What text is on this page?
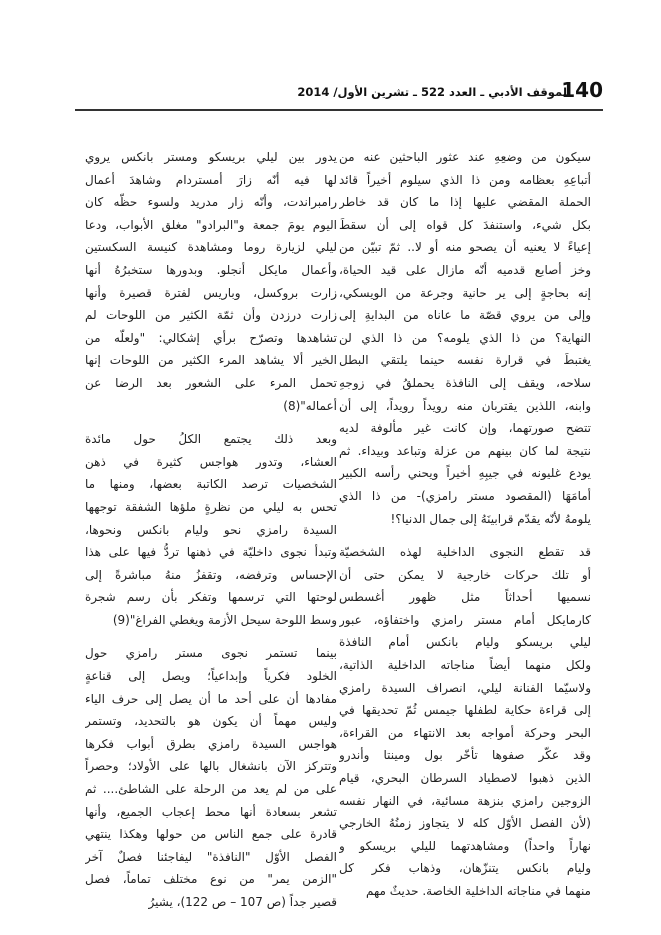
140
الموقف الأدبي ـ العدد 522 ـ تشرين الأول/ 2014
سيكون من وضعِهِ عند عثور الباحثين عنه من
أتباعِهِ بعظامه ومن ذا الذي سيلوم أخيراً قائد
الحملة المقضي عليها إذا ما كان قد خاطر
بكل شيء، واستنفدَ كل قواه إلى أن سقطَ
إعياءً لا يعنيه أن يصحو منه أو لا.. ثمّ تبيّن من
وخز أصابع قدميه أنّه مازال على قيد الحياة،
إنه بحاجةٍ إلى ير حانية وجرعة من الويسكي،
وإلى من يروي قصّة ما عاناه من البدايةِ إلى
النهاية؟ من ذا الذي يلومه؟ من ذا الذي لن
يغتبطَ في قرارة نفسه حينما يلتقي البطل
سلاحه، ويقف إلى النافذة يحملقُ في زوجهِ
وابنه، اللذين يقتربان منه رويداً رويداً، إلى أن
تتضح صورتهما، وإن كانت غير مألوفة لديه
نتيجة لما كان بينهم من عزلة وتباعد وبيداء. ثم
يودع غليونه في جيبِهِ أخيراً ويحني رأسه الكبير
أمامَهَا (المقصود مستر رامزي)- من ذا الذي
يلومهُ لأنّه يقدّم قرابينَهُ إلى جمال الدنيا؟!
قد تقطع النجوى الداخلية لهذه الشخصيّة
أو تلك حركات خارجية لا يمكن حتى أن
نسميها أحداثاً مثل ظهور أغسطس
كارمايكل أمام مستر رامزي واختفاؤه، عبور
ليلي بريسكو وليام بانكس أمام النافذة
ولكل منهما أيضاً مناجاته الداخلية الذاتية،
ولاسيّما الفنانة ليلي، انصراف السيدة رامزي
إلى قراءة حكاية لطفلها جيمس ثُمّ تحديقها في
البحر وحركة أمواجه بعد الانتهاء من القراءة،
وقد عكّر صفوها تأخّر بول ومينتا وأندرو
الذين ذهبوا لاصطياد السرطان البحري، قيام
الزوجين رامزي بنزهة مسائية، في النهار نفسه
(لأن الفصل الأوّل كله لا يتجاوز زمنُهُ الخارجي
نهاراً واحداً) ومشاهدتهما لليلي بريسكو و
وليام بانكس يتنزّهان، وذهاب فكر كل
منهما في مناجاته الداخلية الخاصة. حديثٌ مهم
يدور بين ليلي بريسكو ومستر بانكس يروي
لها فيه أنّه زارَ أمستردام وشاهدَ أعمال
رامبراندت، وأنّه زار مدريد ولسوء حظّه كان
اليوم يومَ جمعة و"البرادو" مغلق الأبواب، ودعا
ليلي لزيارة روما ومشاهدة كنيسة السكستين
وأعمال مايكل أنجلو. وبدورها ستخبرُهُ أنها
زارت بروكسل، وباريس لفترة قصيرة وأنها
زارت درزدن وأن ثمّة الكثير من اللوحات لم
تشاهدها وتصرّح برأي إشكالي: "ولعلّه من
الخير ألا يشاهد المرء الكثير من اللوحات إنها
تحمل المرء على الشعور بعد الرضا عن
أعماله"(8)
وبعد ذلك يجتمع الكلُ حول مائدة
العشاء، وتدور هواجس كثيرة في ذهن
الشخصيات ترصد الكاتبة بعضها، ومنها ما
تحس به ليلي من نظرةٍ ملؤها الشفقة توجهها
السيدة رامزي نحو وليام بانكس ونحوها،
وتبدأ نجوى داخليّة في ذهنها تردُّ فيها على هذا
الإحساس وترفضه، وتقفزُ منهُ مباشرةً إلى
لوحتها التي ترسمها وتفكر بأن رسم شجرة
وسط اللوحة سيحل الأزمة ويغطي الفراغ"(9)
بينما تستمر نجوى مستر رامزي حول
الخلود فكرياً وإبداعياً؛ ويصل إلى قناعةٍ
مفادها أن على أحد ما أن يصل إلى حرف الياء
وليس مهماً أن يكون هو بالتحديد، وتستمر
هواجس السيدة رامزي بطرق أبواب فكرها
وتتركز الآن بانشغال بالها على الأولاد؛ وحصراً
على من لم يعد من الرحلة على الشاطئ.... ثم
تشعر بسعادة أنها محط إعجاب الجميع، وأنها
قادرة على جمع الناس من حولها وهكذا ينتهي
الفصل الأوّل "النافذة" ليفاجئنا فصلٌ آخر
"الزمن يمر" من نوع مختلف تماماً، فصل
قصير جداً (ص 107 – ص 122)، يشيرُ
